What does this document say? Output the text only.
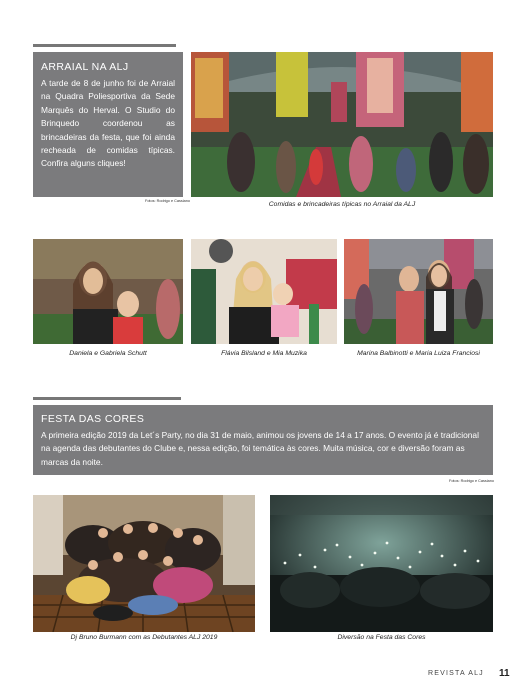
ARRAIAL NA ALJ
A tarde de 8 de junho foi de Arraial na Quadra Poliesportiva da Sede Marquês do Herval. O Studio do Brinquedo coordenou as brincadeiras da festa, que foi ainda recheada de comidas típicas. Confira alguns cliques!
Fotos: Rodrigo e Cassiano	Comidas e brincadeiras típicas no Arraial da ALJ
Daniela e Gabriela Schutt	Flávia Bilsland e Mia Muzika	Marina Balbinotti e Maria Luiza Franciosi
FESTA DAS CORES
A primeira edição 2019 da Let´s Party, no dia 31 de maio, animou os jovens de 14 a 17 anos. O evento já é tradicional na agenda das debutantes do Clube e, nessa edição, foi temática às cores. Muita música, cor e diversão foram as marcas da noite.
Fotos: Rodrigo e Cassiano
Dj Bruno Burmann com as Debutantes ALJ 2019	Diversão na Festa das Cores
REVISTA ALJ 11
